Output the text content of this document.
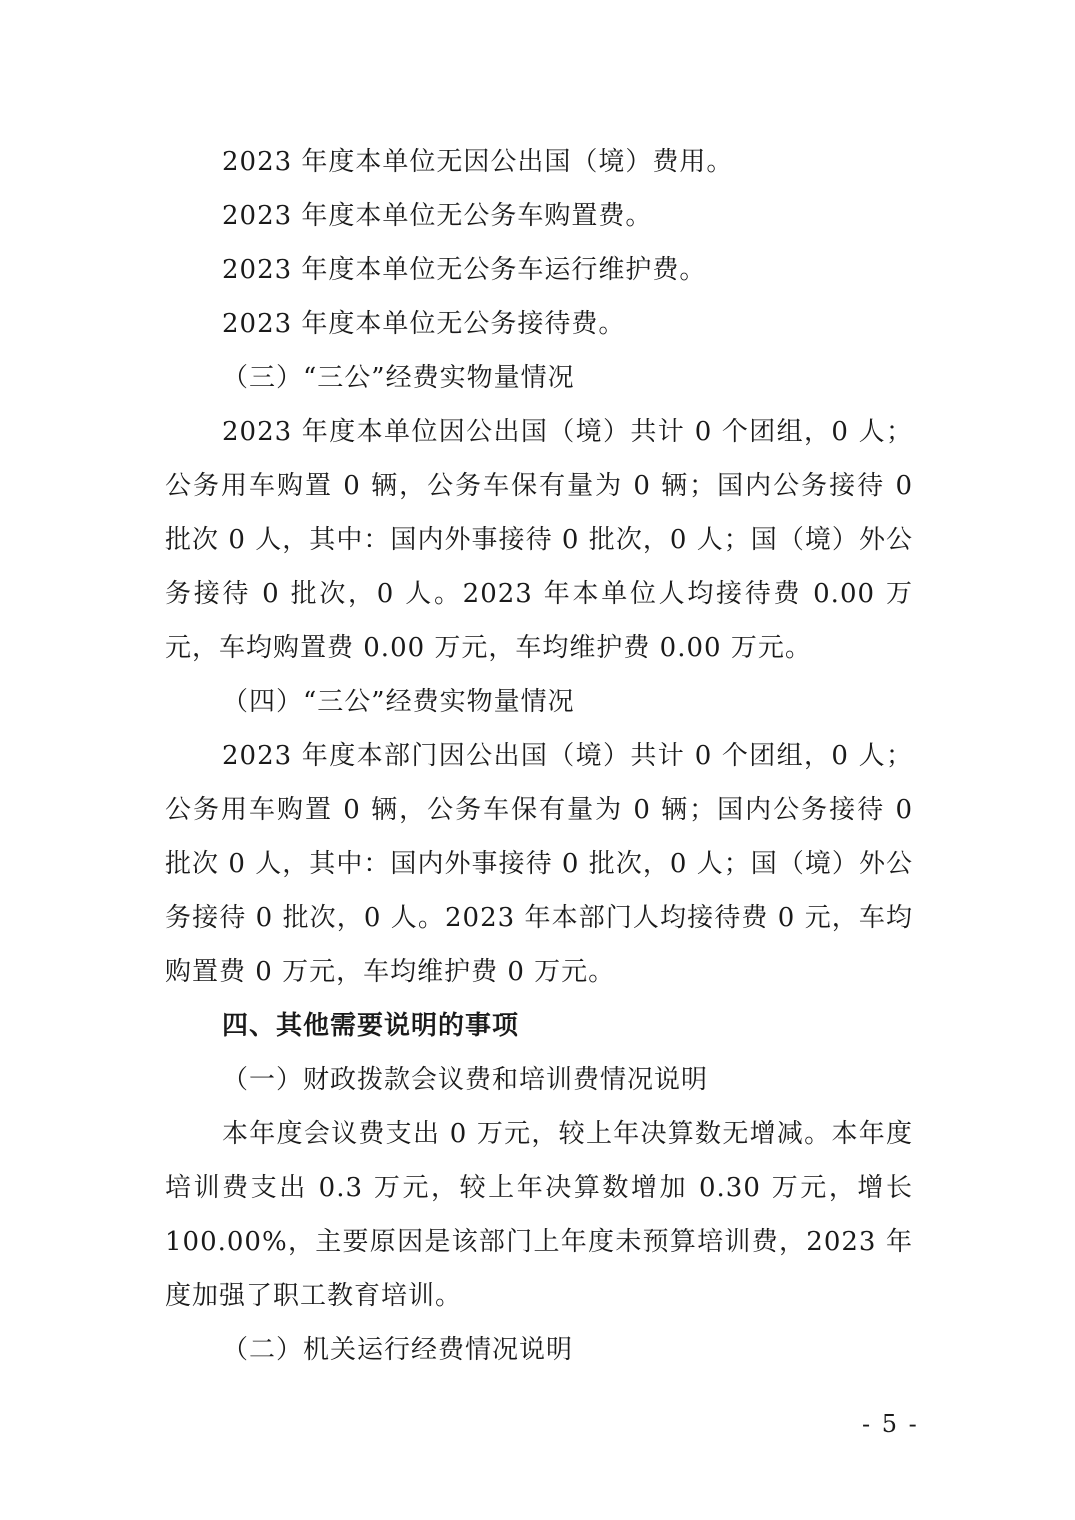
2023 年度本单位无因公出国（境）费用。

2023 年度本单位无公务车购置费。

2023 年度本单位无公务车运行维护费。

2023 年度本单位无公务接待费。

（三）“三公”经费实物量情况

2023 年度本单位因公出国（境）共计 0 个团组，0 人；公务用车购置 0 辆，公务车保有量为 0 辆；国内公务接待 0 批次 0 人，其中：国内外事接待 0 批次，0 人；国（境）外公务接待 0 批次，0 人。2023 年本单位人均接待费 0.00 万元，车均购置费 0.00 万元，车均维护费 0.00 万元。

（四）“三公”经费实物量情况

2023 年度本部门因公出国（境）共计 0 个团组，0 人；公务用车购置 0 辆，公务车保有量为 0 辆；国内公务接待 0 批次 0 人，其中：国内外事接待 0 批次，0 人；国（境）外公务接待 0 批次，0 人。2023 年本部门人均接待费 0 元，车均购置费 0 万元，车均维护费 0 万元。

四、其他需要说明的事项

（一）财政拨款会议费和培训费情况说明

本年度会议费支出 0 万元，较上年决算数无增减。本年度培训费支出 0.3 万元，较上年决算数增加 0.30 万元，增长 100.00%，主要原因是该部门上年度未预算培训费，2023 年度加强了职工教育培训。

（二）机关运行经费情况说明

- 5 -
